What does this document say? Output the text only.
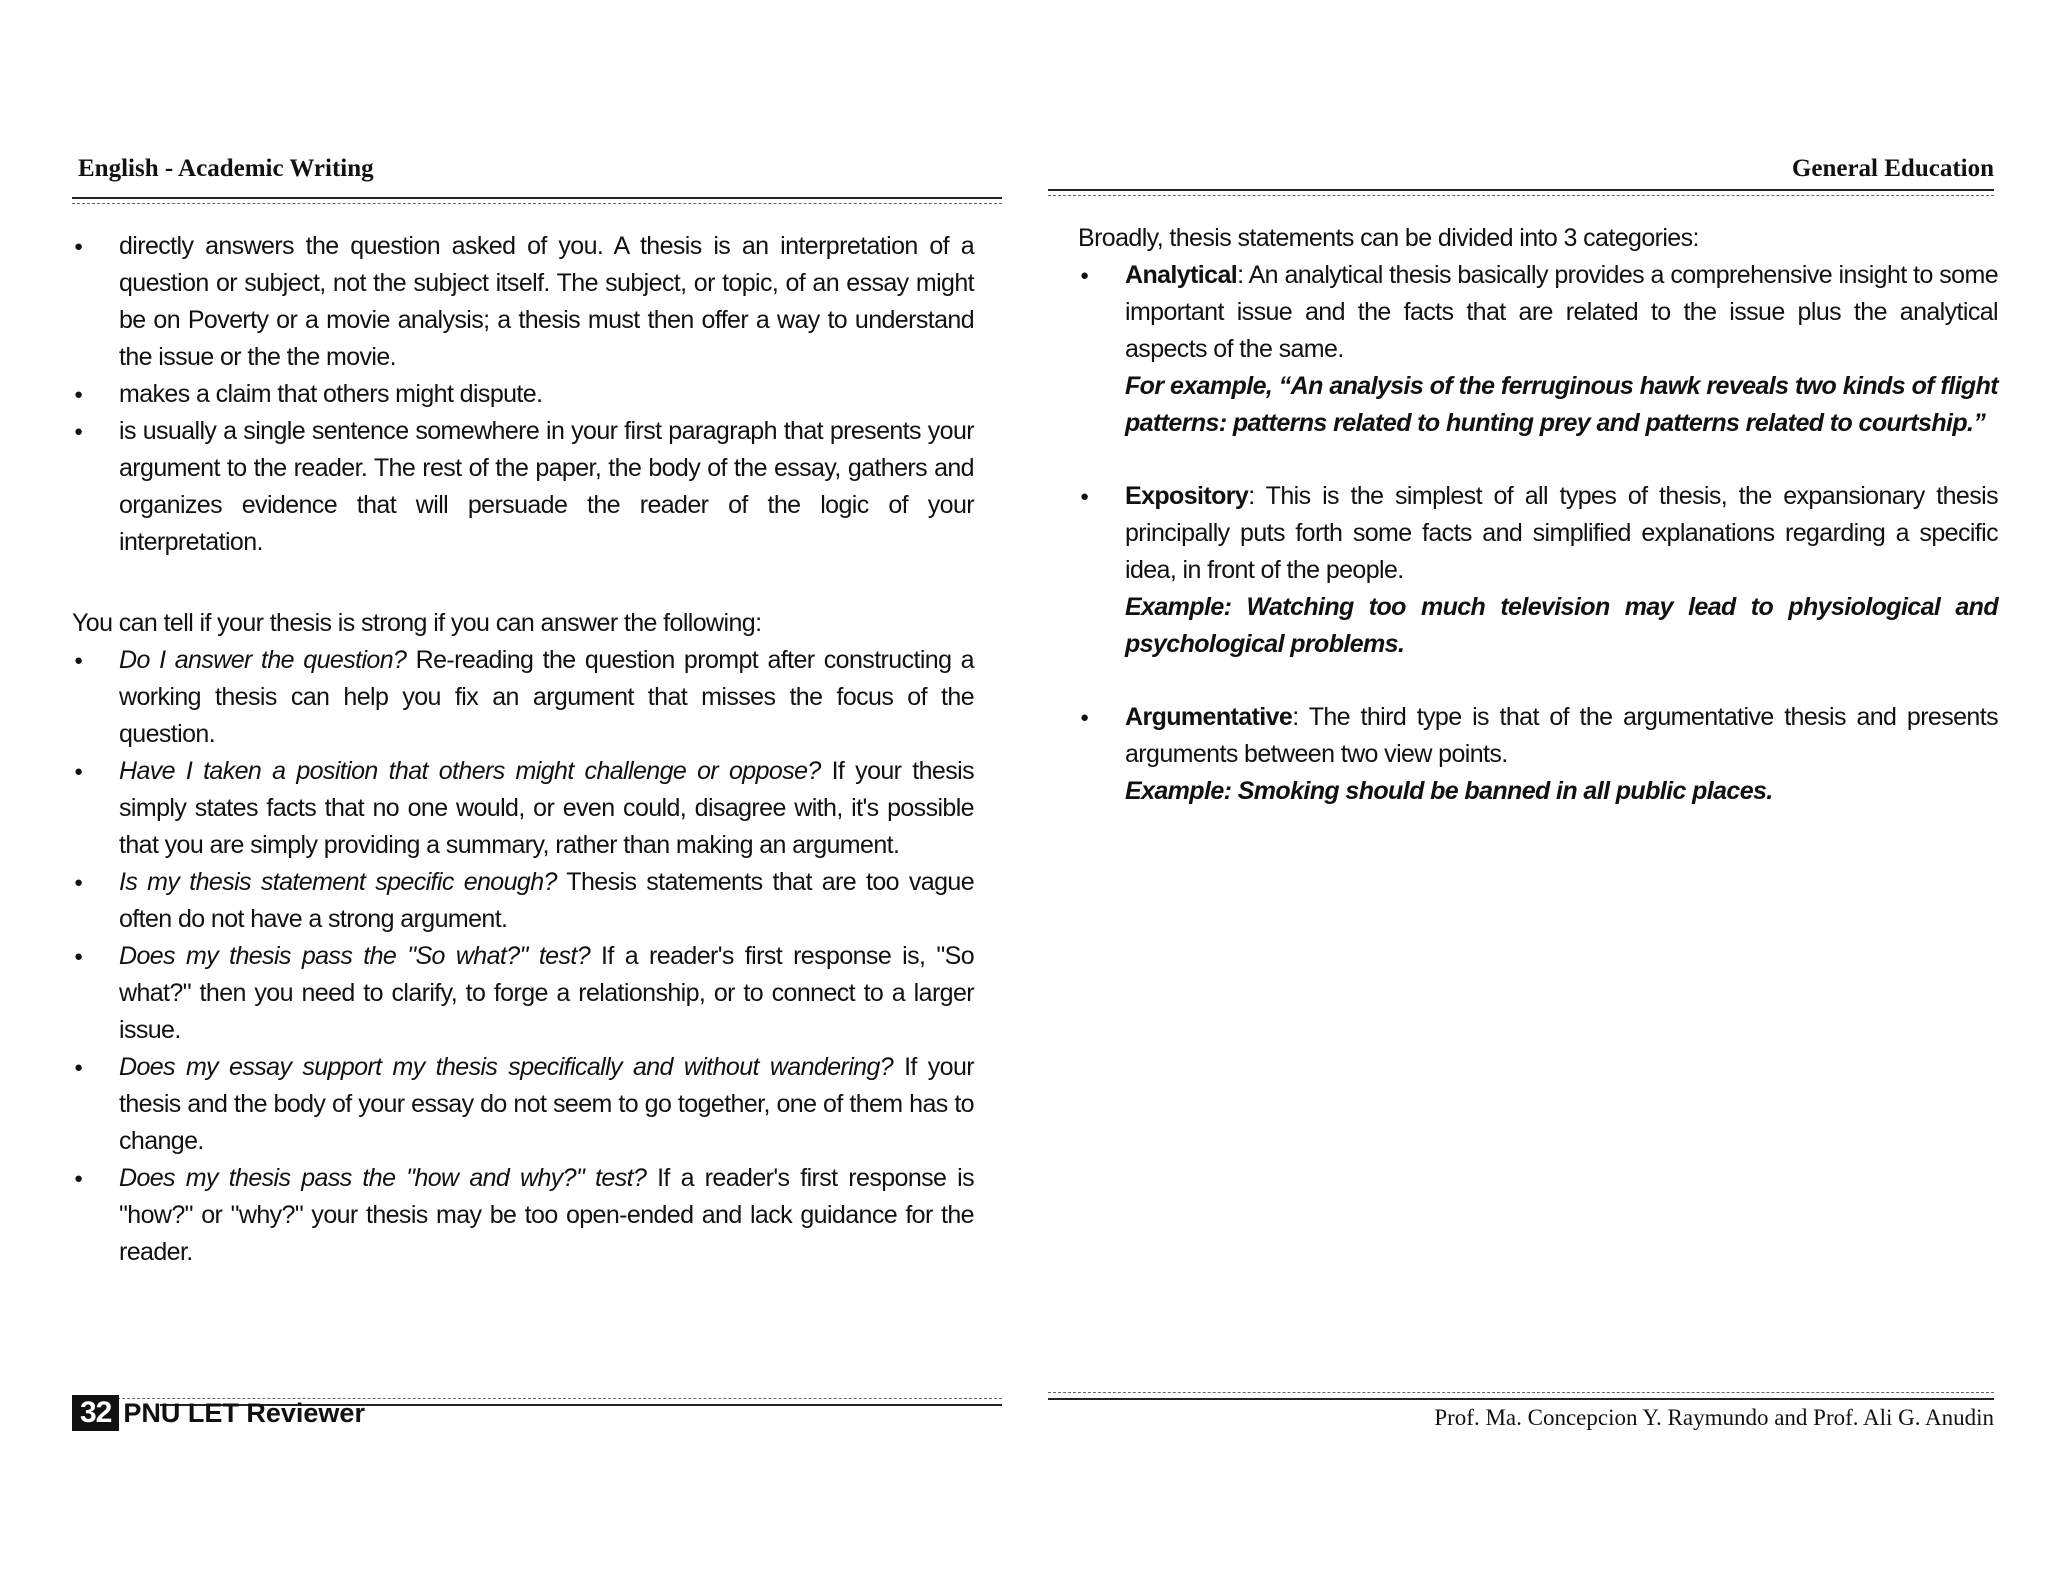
English - Academic Writing
● directly answers the question asked of you. A thesis is an interpretation of a question or subject, not the subject itself. The subject, or topic, of an essay might be on Poverty or a movie analysis; a thesis must then offer a way to understand the issue or the the movie.
● makes a claim that others might dispute.
● is usually a single sentence somewhere in your first paragraph that presents your argument to the reader. The rest of the paper, the body of the essay, gathers and organizes evidence that will persuade the reader of the logic of your interpretation.

You can tell if your thesis is strong if you can answer the following:

● Do I answer the question? Re-reading the question prompt after constructing a working thesis can help you fix an argument that misses the focus of the question.
● Have I taken a position that others might challenge or oppose? If your thesis simply states facts that no one would, or even could, disagree with, it's possible that you are simply providing a summary, rather than making an argument.
● Is my thesis statement specific enough? Thesis statements that are too vague often do not have a strong argument.
● Does my thesis pass the "So what?" test? If a reader's first response is, "So what?" then you need to clarify, to forge a relationship, or to connect to a larger issue.
● Does my essay support my thesis specifically and without wandering? If your thesis and the body of your essay do not seem to go together, one of them has to change.
● Does my thesis pass the "how and why?" test? If a reader's first response is "how?" or "why?" your thesis may be too open-ended and lack guidance for the reader.
32 PNU LET Reviewer
General Education

Broadly, thesis statements can be divided into 3 categories:

● Analytical: An analytical thesis basically provides a comprehensive insight to some important issue and the facts that are related to the issue plus the analytical aspects of the same.
For example, “An analysis of the ferruginous hawk reveals two kinds of flight patterns: patterns related to hunting prey and patterns related to courtship.”
● Expository: This is the simplest of all types of thesis, the expansionary thesis principally puts forth some facts and simplified explanations regarding a specific idea, in front of the people.
Example: Watching too much television may lead to physiological and psychological problems.
● Argumentative: The third type is that of the argumentative thesis and presents arguments between two view points.
Example: Smoking should be banned in all public places.
Prof. Ma. Concepcion Y. Raymundo and Prof. Ali G. Anudin
